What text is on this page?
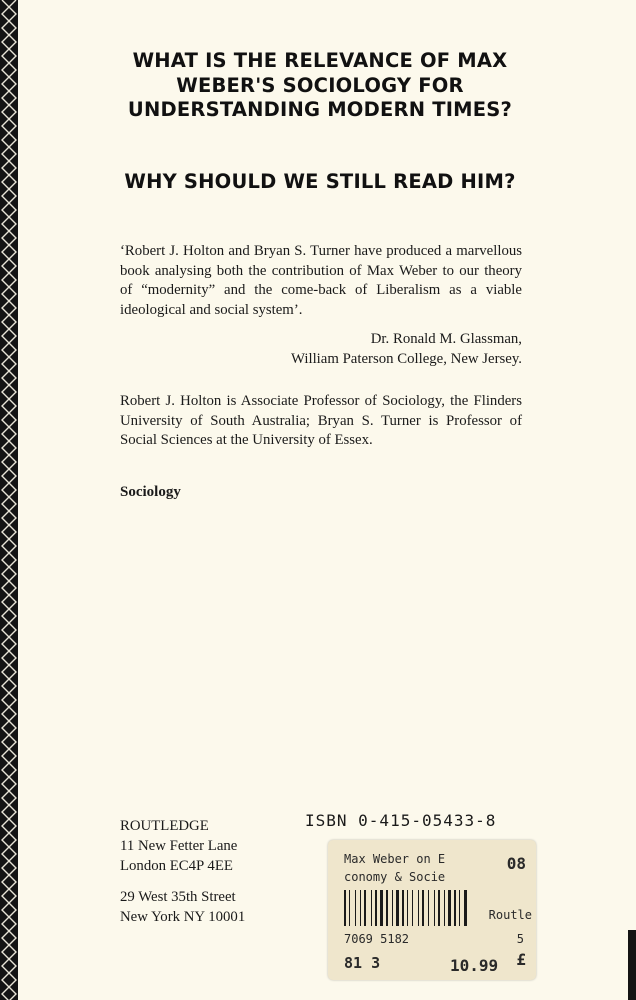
WHAT IS THE RELEVANCE OF MAX WEBER'S SOCIOLOGY FOR UNDERSTANDING MODERN TIMES?
WHY SHOULD WE STILL READ HIM?

‘Robert J. Holton and Bryan S. Turner have produced a marvellous book analysing both the contribution of Max Weber to our theory of “modernity” and the come-back of Liberalism as a viable ideological and social system’.

Dr. Ronald M. Glassman,

William Paterson College, New Jersey.

Robert J. Holton is Associate Professor of Sociology, the Flinders University of South Australia; Bryan S. Turner is Professor of Social Sciences at the University of Essex.

Sociology

ROUTLEDGE

11 New Fetter Lane

London EC4P 4EE

29 West 35th Street

New York NY 10001

ISBN 0-415-05433-8

Max Weber on E
conomy & Socie
08
Routle
7069 5182	5
81 3	10.99 £
